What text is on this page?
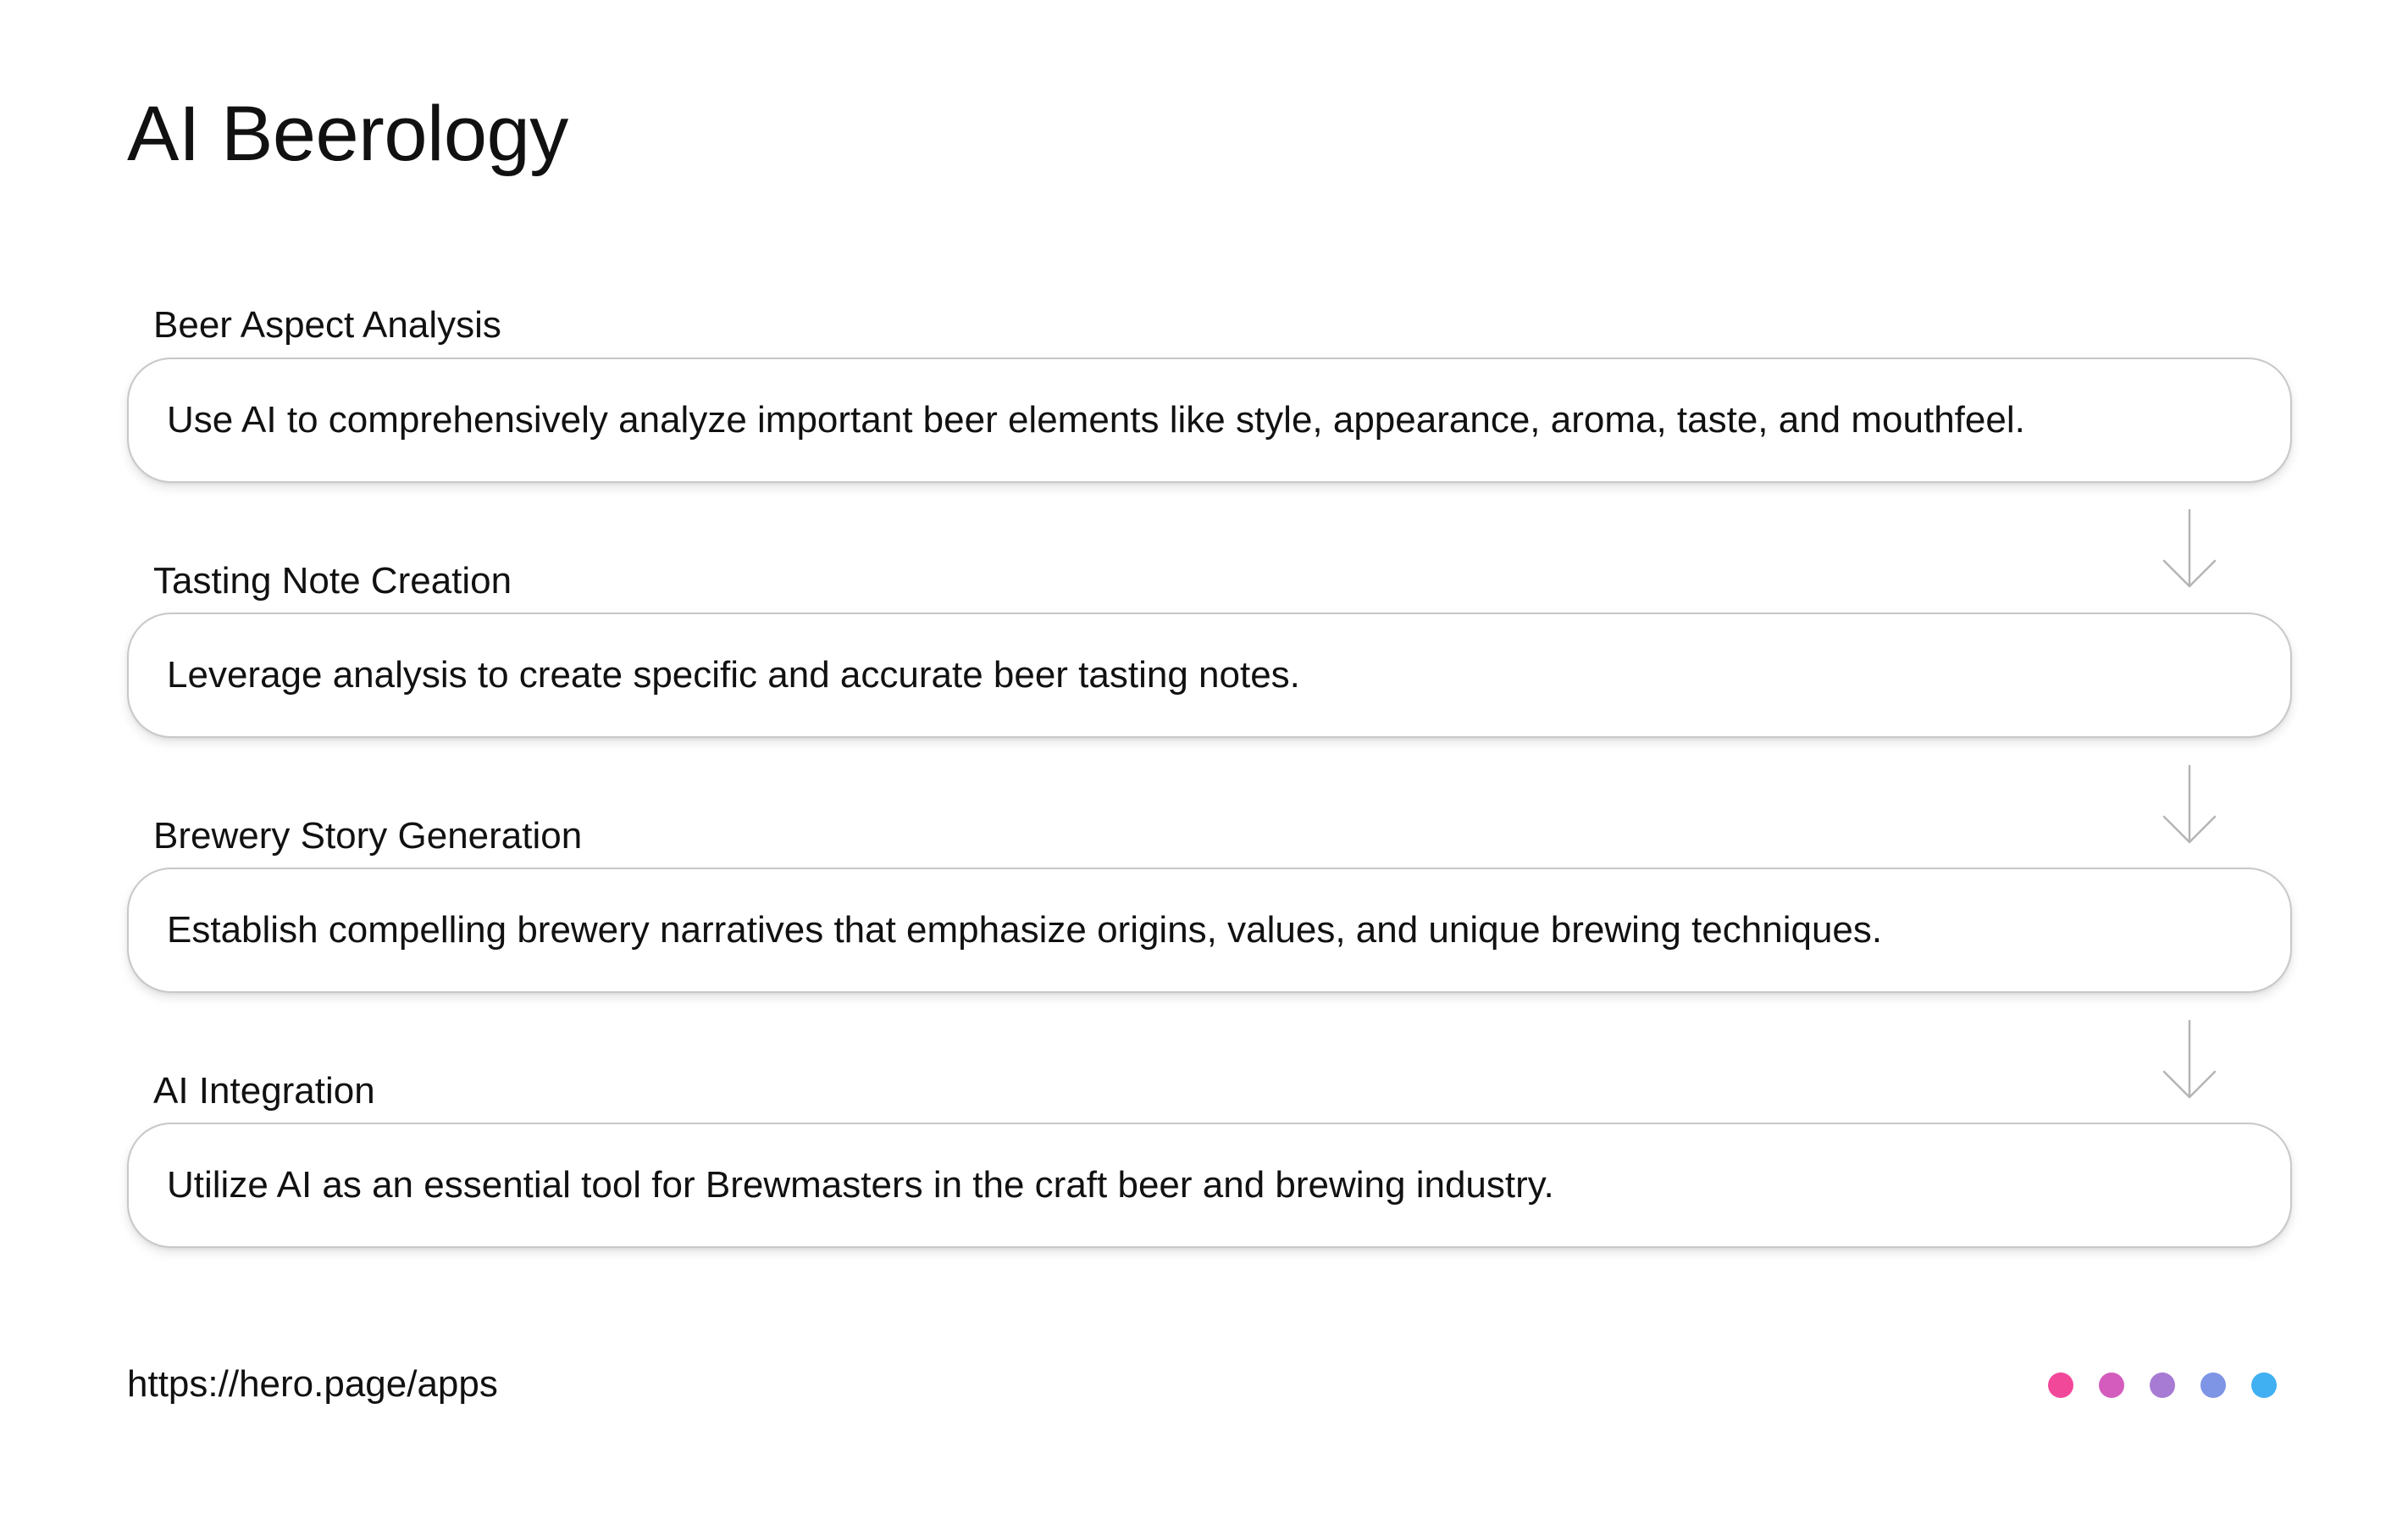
AI Beerology
Beer Aspect Analysis
Use AI to comprehensively analyze important beer elements like style, appearance, aroma, taste, and mouthfeel.
Tasting Note Creation
Leverage analysis to create specific and accurate beer tasting notes.
Brewery Story Generation
Establish compelling brewery narratives that emphasize origins, values, and unique brewing techniques.
AI Integration
Utilize AI as an essential tool for Brewmasters in the craft beer and brewing industry.
https://hero.page/apps
